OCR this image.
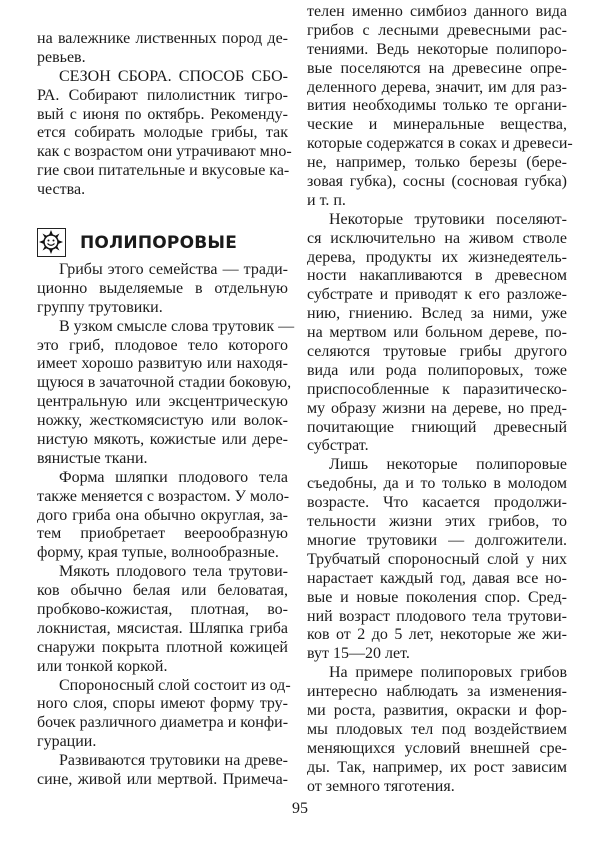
на валежнике лиственных пород де-
ревьев.
СЕЗОН СБОРА. СПОСОБ СБО-
РА. Собирают пилолистник тигро-
вый с июня по октябрь. Рекоменду-
ется собирать молодые грибы, так
как с возрастом они утрачивают мно-
гие свои питательные и вкусовые ка-
чества.
ПОЛИПОРОВЫЕ
Грибы этого семейства — тради-
ционно выделяемые в отдельную
группу трутовики.
В узком смысле слова трутовик —
это гриб, плодовое тело которого
имеет хорошо развитую или находя-
щуюся в зачаточной стадии боковую,
центральную или эксцентрическую
ножку, жесткомясистую или волок-
нистую мякоть, кожистые или дере-
вянистые ткани.
Форма шляпки плодового тела
также меняется с возрастом. У моло-
дого гриба она обычно округлая, за-
тем приобретает веерообразную
форму, края тупые, волнообразные.
Мякоть плодового тела трутови-
ков обычно белая или беловатая,
пробково-кожистая, плотная, во-
локнистая, мясистая. Шляпка гриба
снаружи покрыта плотной кожицей
или тонкой коркой.
Спороносный слой состоит из од-
ного слоя, споры имеют форму тру-
бочек различного диаметра и конфи-
гурации.
Развиваются трутовики на древе-
сине, живой или мертвой. Примеча-
телен именно симбиоз данного вида
грибов с лесными древесными рас-
тениями. Ведь некоторые полипоро-
вые поселяются на древесине опре-
деленного дерева, значит, им для раз-
вития необходимы только те органи-
ческие и минеральные вещества,
которые содержатся в соках и древеси-
не, например, только березы (бере-
зовая губка), сосны (сосновая губка)
и т. п.
Некоторые трутовики поселяют-
ся исключительно на живом стволе
дерева, продукты их жизнедеятель-
ности накапливаются в древесном
субстрате и приводят к его разложе-
нию, гниению. Вслед за ними, уже
на мертвом или больном дереве, по-
селяются трутовые грибы другого
вида или рода полипоровых, тоже
приспособленные к паразитическо-
му образу жизни на дереве, но пред-
почитающие гниющий древесный
субстрат.
Лишь некоторые полипоровые
съедобны, да и то только в молодом
возрасте. Что касается продолжи-
тельности жизни этих грибов, то
многие трутовики — долгожители.
Трубчатый спороносный слой у них
нарастает каждый год, давая все но-
вые и новые поколения спор. Сред-
ний возраст плодового тела трутови-
ков от 2 до 5 лет, некоторые же жи-
вут 15—20 лет.
На примере полипоровых грибов
интересно наблюдать за изменения-
ми роста, развития, окраски и фор-
мы плодовых тел под воздействием
меняющихся условий внешней сре-
ды. Так, например, их рост зависим
от земного тяготения.
95
